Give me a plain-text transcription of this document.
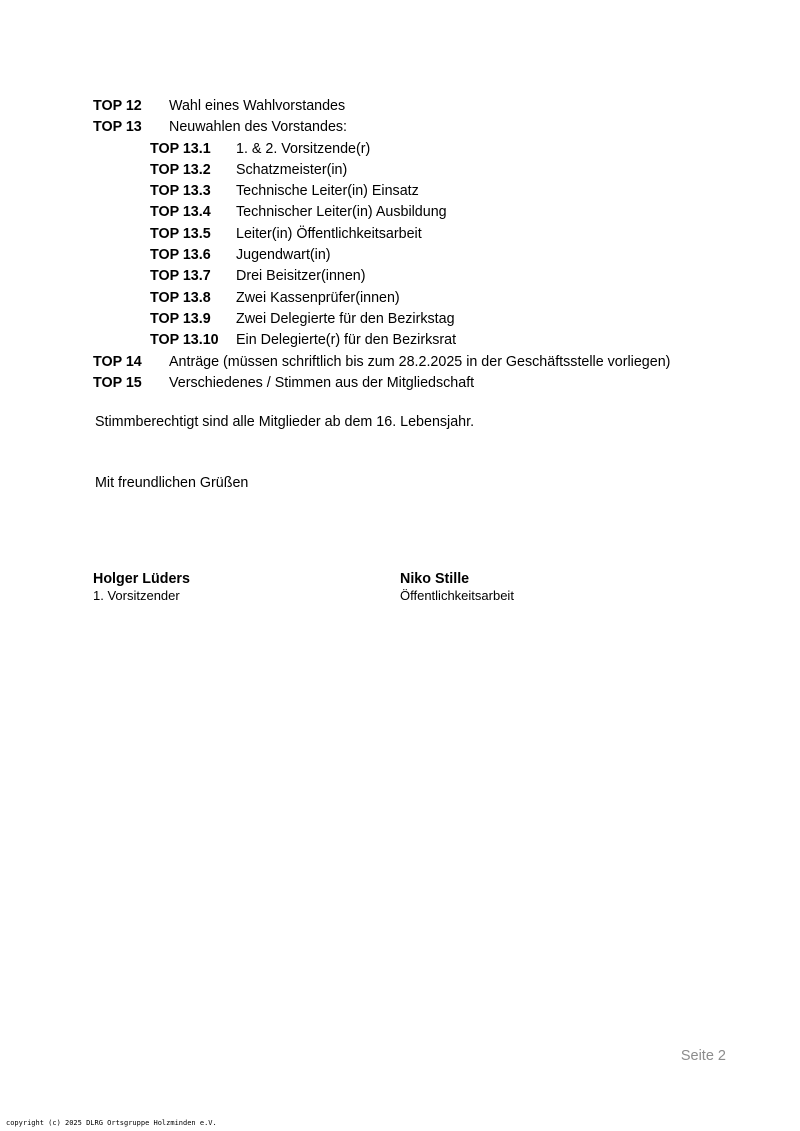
TOP 12	Wahl eines Wahlvorstandes
TOP 13	Neuwahlen des Vorstandes:
TOP 13.1	1. & 2. Vorsitzende(r)
TOP 13.2	Schatzmeister(in)
TOP 13.3	Technische Leiter(in) Einsatz
TOP 13.4	Technischer Leiter(in) Ausbildung
TOP 13.5	Leiter(in) Öffentlichkeitsarbeit
TOP 13.6	Jugendwart(in)
TOP 13.7	Drei Beisitzer(innen)
TOP 13.8	Zwei Kassenprüfer(innen)
TOP 13.9	Zwei Delegierte für den Bezirkstag
TOP 13.10	Ein Delegierte(r) für den Bezirksrat
TOP 14	Anträge (müssen schriftlich bis zum 28.2.2025 in der Geschäftsstelle vorliegen)
TOP 15	Verschiedenes / Stimmen aus der Mitgliedschaft
Stimmberechtigt sind alle Mitglieder ab dem 16. Lebensjahr.
Mit freundlichen Grüßen
Holger Lüders
1. Vorsitzender
Niko Stille
Öffentlichkeitsarbeit
Seite 2
copyright (c) 2025 DLRG Ortsgruppe Holzminden e.V.
